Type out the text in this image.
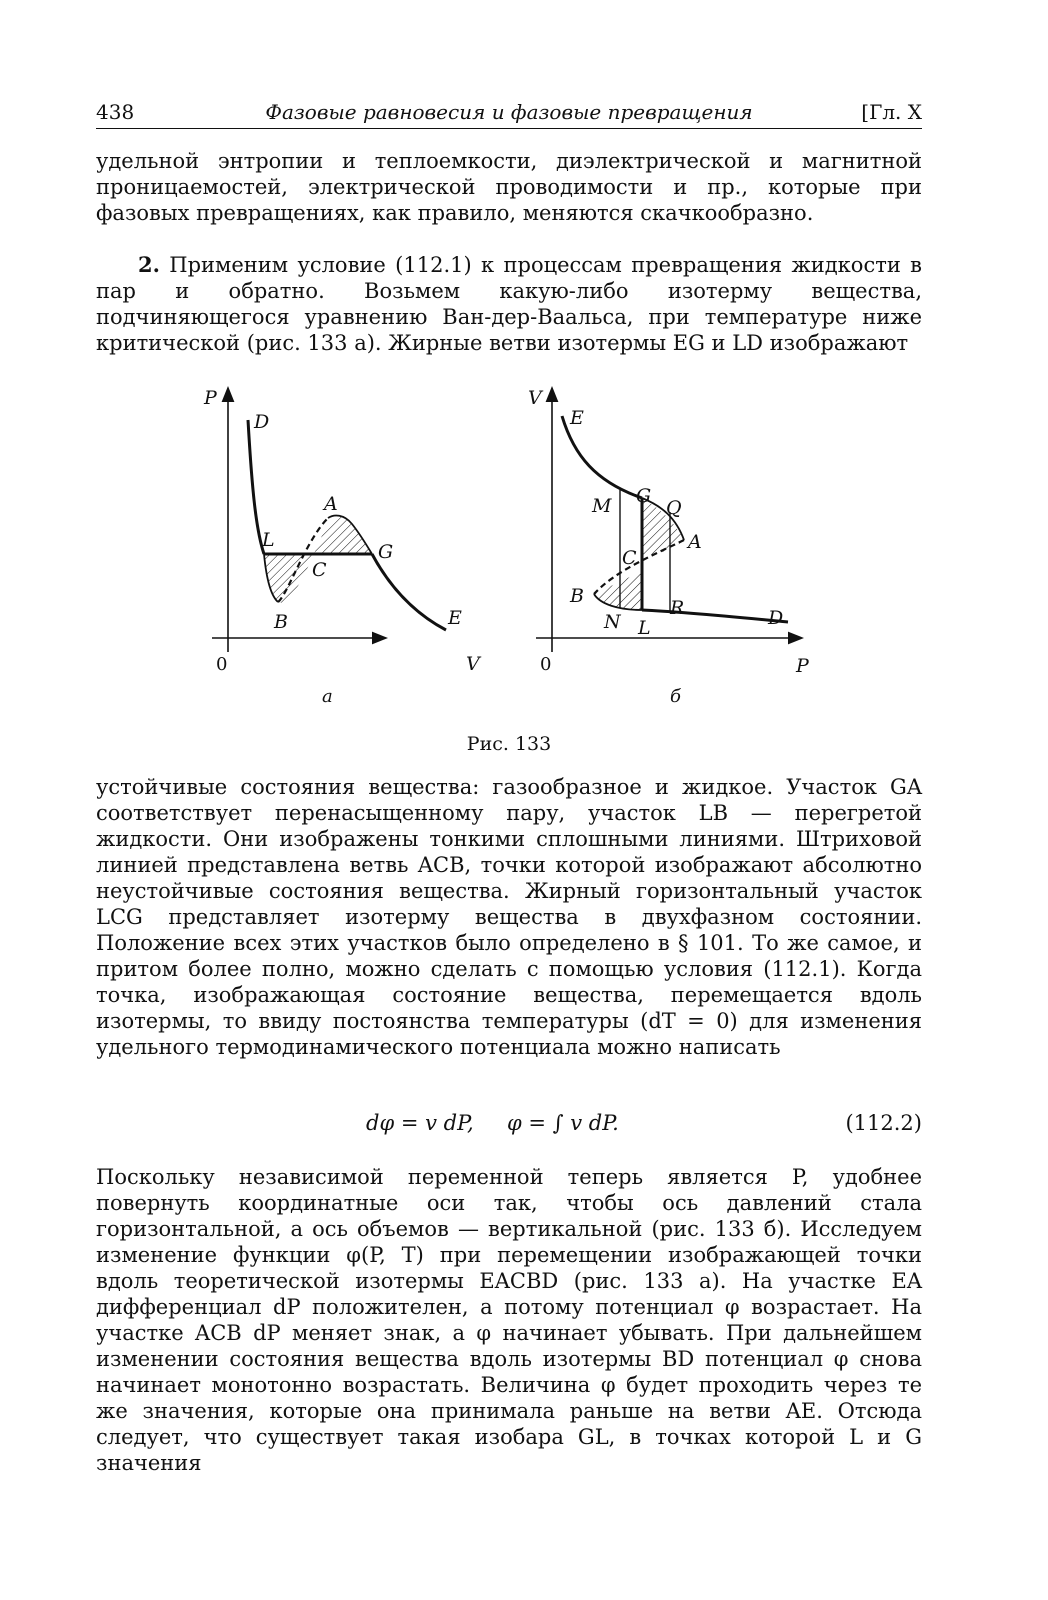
438	Фазовые равновесия и фазовые превращения	[Гл. X

удельной энтропии и теплоемкости, диэлектрической и магнитной проницаемостей, электрической проводимости и пр., которые при фазовых превращениях, как правило, меняются скачкообразно.

2. Применим условие (112.1) к процессам превращения жидкости в пар и обратно. Возьмем какую-либо изотерму вещества, подчиняющегося уравнению Ван-дер-Ваальса, при температуре ниже критической (рис. 133 а). Жирные ветви изотермы EG и LD изображают

P
D
A
L
G
C
B	E
V
V
E
M G
Q
A
C
B
R
N L	D
P
0	0
а	б
Рис. 133

устойчивые состояния вещества: газообразное и жидкое. Участок GA соответствует перенасыщенному пару, участок LB — перегретой жидкости. Они изображены тонкими сплошными линиями. Штриховой линией представлена ветвь ACB, точки которой изображают абсолютно неустойчивые состояния вещества. Жирный горизонтальный участок LCG представляет изотерму вещества в двухфазном состоянии. Положение всех этих участков было определено в § 101. То же самое, и притом более полно, можно сделать с помощью условия (112.1). Когда точка, изображающая состояние вещества, перемещается вдоль изотермы, то ввиду постоянства температуры (dT = 0) для изменения удельного термодинамического потенциала можно написать

dφ = v dP,     φ = ∫ v dP.	(112.2)

Поскольку независимой переменной теперь является P, удобнее повернуть координатные оси так, чтобы ось давлений стала горизонтальной, а ось объемов — вертикальной (рис. 133 б). Исследуем изменение функции φ(P, T) при перемещении изображающей точки вдоль теоретической изотермы EACBD (рис. 133 а). На участке EA дифференциал dP положителен, а потому потенциал φ возрастает. На участке ACB dP меняет знак, а φ начинает убывать. При дальнейшем изменении состояния вещества вдоль изотермы BD потенциал φ снова начинает монотонно возрастать. Величина φ будет проходить через те же значения, которые она принимала раньше на ветви AE. Отсюда следует, что существует такая изобара GL, в точках которой L и G значения
